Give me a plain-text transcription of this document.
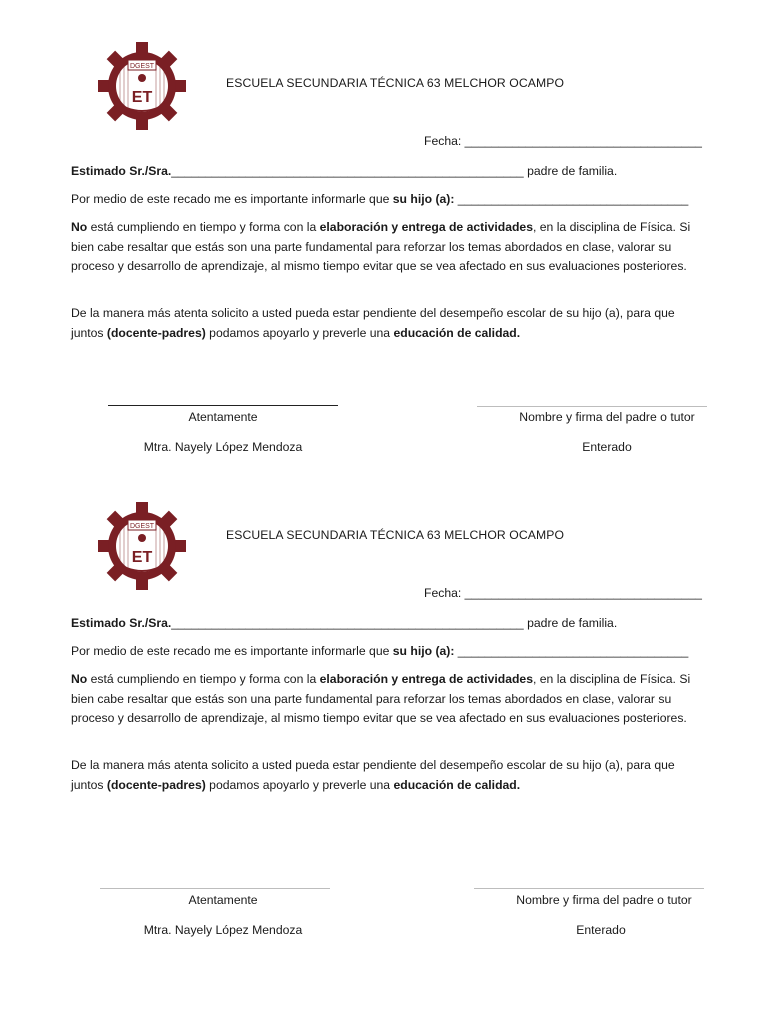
DGEST
ET
ESCUELA SECUNDARIA TÉCNICA 63 MELCHOR OCAMPO
Fecha: ___________________________________
Estimado Sr./Sra.____________________________________________________ padre de familia.
Por medio de este recado me es importante informarle que su hijo (a): __________________________________
No está cumpliendo en tiempo y forma con la elaboración y entrega de actividades, en la disciplina de Física. Si bien cabe resaltar que estás son una parte fundamental para reforzar los temas abordados en clase, valorar su proceso y desarrollo de aprendizaje, al mismo tiempo evitar que se vea afectado en sus evaluaciones posteriores.
De la manera más atenta solicito a usted pueda estar pendiente del desempeño escolar de su hijo (a), para que juntos (docente-padres) podamos apoyarlo y preverle una educación de calidad.
Atentamente
Mtra. Nayely López Mendoza
Nombre y firma del padre o tutor
Enterado
DGEST
ET
ESCUELA SECUNDARIA TÉCNICA 63 MELCHOR OCAMPO
Fecha: ___________________________________
Estimado Sr./Sra.____________________________________________________ padre de familia.
Por medio de este recado me es importante informarle que su hijo (a): __________________________________
No está cumpliendo en tiempo y forma con la elaboración y entrega de actividades, en la disciplina de Física. Si bien cabe resaltar que estás son una parte fundamental para reforzar los temas abordados en clase, valorar su proceso y desarrollo de aprendizaje, al mismo tiempo evitar que se vea afectado en sus evaluaciones posteriores.
De la manera más atenta solicito a usted pueda estar pendiente del desempeño escolar de su hijo (a), para que juntos (docente-padres) podamos apoyarlo y preverle una educación de calidad.
Atentamente
Mtra. Nayely López Mendoza
Nombre y firma del padre o tutor
Enterado
